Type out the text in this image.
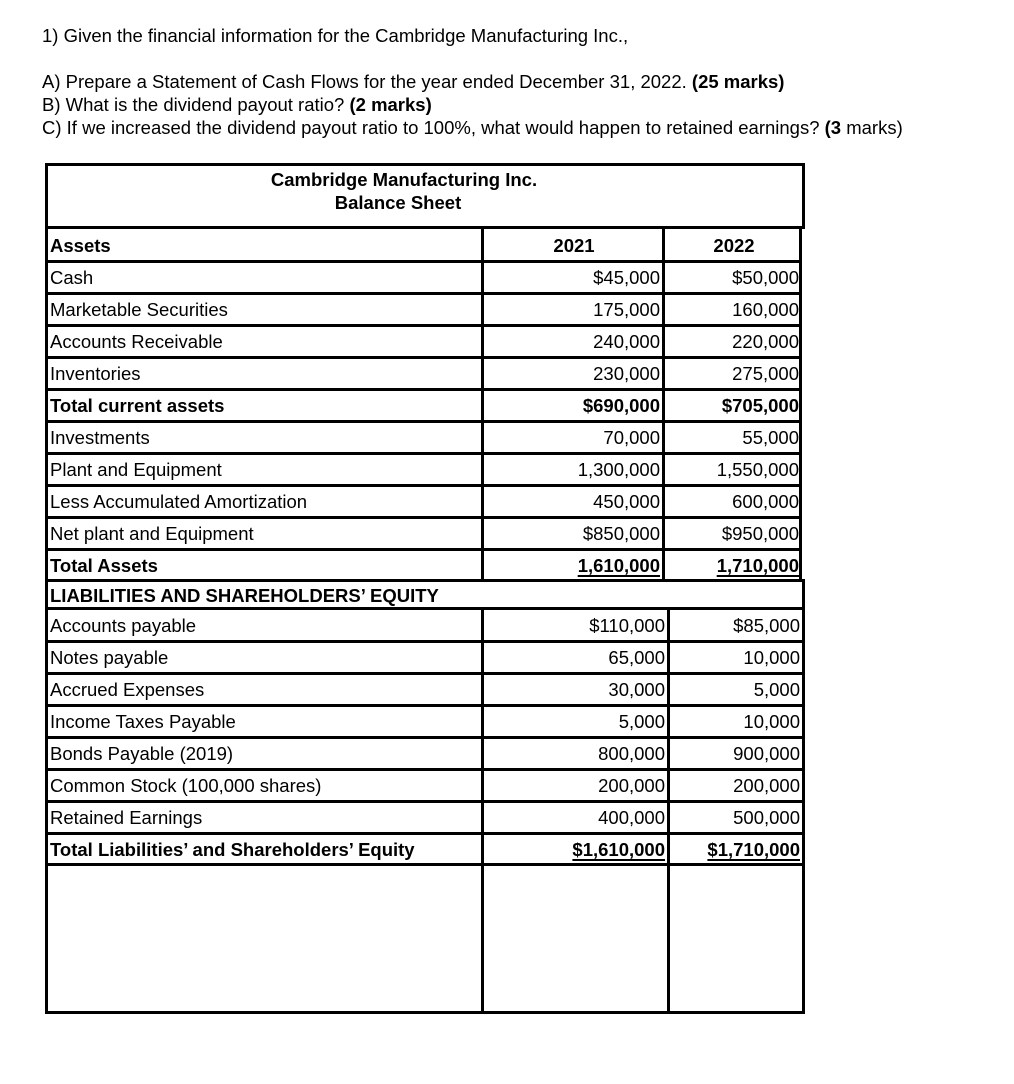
1) Given the financial information for the Cambridge Manufacturing Inc.,
A) Prepare a Statement of Cash Flows for the year ended December 31, 2022. (25 marks)
B) What is the dividend payout ratio? (2 marks)
C) If we increased the dividend payout ratio to 100%, what would happen to retained earnings? (3 marks)
Cambridge Manufacturing Inc.
Balance Sheet
Assets	2021	2022
Cash	$45,000	$50,000
Marketable Securities	175,000	160,000
Accounts Receivable	240,000	220,000
Inventories	230,000	275,000
Total current assets	$690,000	$705,000
Investments	70,000	55,000
Plant and Equipment	1,300,000	1,550,000
Less Accumulated Amortization	450,000	600,000
Net plant and Equipment	$850,000	$950,000
Total Assets	1,610,000	1,710,000
LIABILITIES AND SHAREHOLDERS’ EQUITY
Accounts payable	$110,000	$85,000
Notes payable	65,000	10,000
Accrued Expenses	30,000	5,000
Income Taxes Payable	5,000	10,000
Bonds Payable (2019)	800,000	900,000
Common Stock (100,000 shares)	200,000	200,000
Retained Earnings	400,000	500,000
Total Liabilities’ and Shareholders’ Equity	$1,610,000	$1,710,000
